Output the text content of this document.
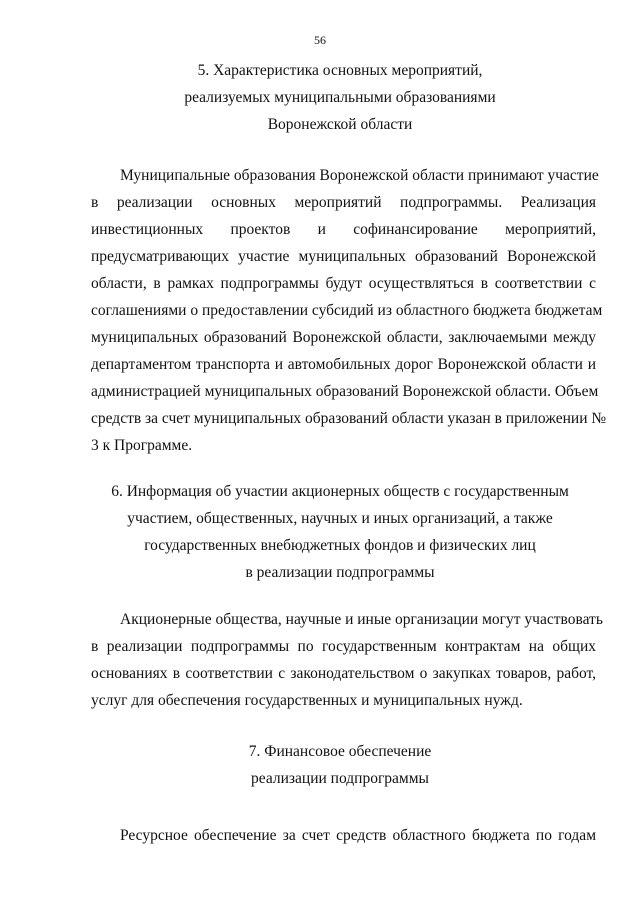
56
5. Характеристика основных мероприятий,
реализуемых муниципальными образованиями
Воронежской области
Муниципальные образования Воронежской области принимают участие
в реализации основных мероприятий подпрограммы. Реализация
инвестиционных проектов и софинансирование мероприятий,
предусматривающих участие муниципальных образований Воронежской
области, в рамках подпрограммы будут осуществляться в соответствии с
соглашениями о предоставлении субсидий из областного бюджета бюджетам
муниципальных образований Воронежской области, заключаемыми между
департаментом транспорта и автомобильных дорог Воронежской области и
администрацией муниципальных образований Воронежской области. Объем
средств за счет муниципальных образований области указан в приложении №
3 к Программе.
6. Информация об участии акционерных обществ с государственным
участием, общественных, научных и иных организаций, а также
государственных внебюджетных фондов и физических лиц
в реализации подпрограммы
Акционерные общества, научные и иные организации могут участвовать
в реализации подпрограммы по государственным контрактам на общих
основаниях в соответствии с законодательством о закупках товаров, работ,
услуг для обеспечения государственных и муниципальных нужд.
7. Финансовое обеспечение
реализации подпрограммы
Ресурсное обеспечение за счет средств областного бюджета по годам
